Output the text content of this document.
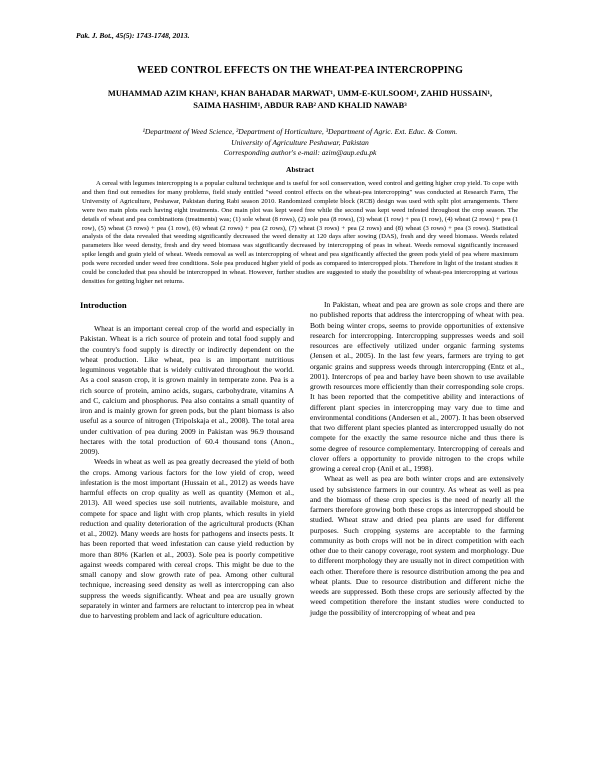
Pak. J. Bot., 45(5): 1743-1748, 2013.
WEED CONTROL EFFECTS ON THE WHEAT-PEA INTERCROPPING
MUHAMMAD AZIM KHAN¹, KHAN BAHADAR MARWAT¹, UMM-E-KULSOOM¹, ZAHID HUSSAIN¹,
SAIMA HASHIM¹, ABDUR RAB² AND KHALID NAWAB³
¹Department of Weed Science, ²Department of Horticulture, ³Department of Agric. Ext. Educ. & Comm.
University of Agriculture Peshawar, Pakistan
Corresponding author's e-mail: azim@aup.edu.pk
Abstract

A cereal with legumes intercropping is a popular cultural technique and is useful for soil conservation, weed control and getting higher crop yield. To cope with and then find out remedies for many problems, field study entitled "weed control effects on the wheat-pea intercropping" was conducted at Research Farm, The University of Agriculture, Peshawar, Pakistan during Rabi season 2010. Randomized complete block (RCB) design was used with split plot arrangements. There were two main plots each having eight treatments. One main plot was kept weed free while the second was kept weed infested throughout the crop season. The details of wheat and pea combinations (treatments) was; (1) sole wheat (8 rows), (2) sole pea (8 rows), (3) wheat (1 row) + pea (1 row), (4) wheat (2 rows) + pea (1 row), (5) wheat (3 rows) + pea (1 row), (6) wheat (2 rows) + pea (2 rows), (7) wheat (3 rows) + pea (2 rows) and (8) wheat (3 rows) + pea (3 rows). Statistical analysis of the data revealed that weeding significantly decreased the weed density at 120 days after sowing (DAS), fresh and dry weed biomass. Weeds related parameters like weed density, fresh and dry weed biomass was significantly decreased by intercropping of peas in wheat. Weeds removal significantly increased spike length and grain yield of wheat. Weeds removal as well as intercropping of wheat and pea significantly affected the green pods yield of pea where maximum pods were recorded under weed free conditions. Sole pea produced higher yield of pods as compared to intercropped plots. Therefore in light of the instant studies it could be concluded that pea should be intercropped in wheat. However, further studies are suggested to study the possibility of wheat-pea intercropping at various densities for getting higher net returns.

Introduction

Wheat is an important cereal crop of the world and especially in Pakistan. Wheat is a rich source of protein and total food supply and the country's food supply is directly or indirectly dependent on the wheat production. Like wheat, pea is an important nutritious leguminous vegetable that is widely cultivated throughout the world. As a cool season crop, it is grown mainly in temperate zone. Pea is a rich source of protein, amino acids, sugars, carbohydrate, vitamins A and C, calcium and phosphorus. Pea also contains a small quantity of iron and is mainly grown for green pods, but the plant biomass is also useful as a source of nitrogen (Tripolskaja et al., 2008). The total area under cultivation of pea during 2009 in Pakistan was 96.9 thousand hectares with the total production of 60.4 thousand tons (Anon., 2009).

Weeds in wheat as well as pea greatly decreased the yield of both the crops. Among various factors for the low yield of crop, weed infestation is the most important (Hussain et al., 2012) as weeds have harmful effects on crop quality as well as quantity (Memon et al., 2013). All weed species use soil nutrients, available moisture, and compete for space and light with crop plants, which results in yield reduction and quality deterioration of the agricultural products (Khan et al., 2002). Many weeds are hosts for pathogens and insects pests. It has been reported that weed infestation can cause yield reduction by more than 80% (Karlen et al., 2003). Sole pea is poorly competitive against weeds compared with cereal crops. This might be due to the small canopy and slow growth rate of pea. Among other cultural technique, increasing seed density as well as intercropping can also suppress the weeds significantly. Wheat and pea are usually grown separately in winter and farmers are reluctant to intercrop pea in wheat due to harvesting problem and lack of agriculture education.

In Pakistan, wheat and pea are grown as sole crops and there are no published reports that address the intercropping of wheat with pea. Both being winter crops, seems to provide opportunities of extensive research for intercropping. Intercropping suppresses weeds and soil resources are effectively utilized under organic farming systems (Jensen et al., 2005). In the last few years, farmers are trying to get organic grains and suppress weeds through intercropping (Entz et al., 2001). Intercrops of pea and barley have been shown to use available growth resources more efficiently than their corresponding sole crops. It has been reported that the competitive ability and interactions of different plant species in intercropping may vary due to time and environmental conditions (Andersen et al., 2007). It has been observed that two different plant species planted as intercropped usually do not compete for the exactly the same resource niche and thus there is some degree of resource complementary. Intercropping of cereals and clover offers a opportunity to provide nitrogen to the crops while growing a cereal crop (Anil et al., 1998).

Wheat as well as pea are both winter crops and are extensively used by subsistence farmers in our country. As wheat as well as pea and the biomass of these crop species is the need of nearly all the farmers therefore growing both these crops as intercropped should be studied. Wheat straw and dried pea plants are used for different purposes. Such cropping systems are acceptable to the farming community as both crops will not be in direct competition with each other due to their canopy coverage, root system and morphology. Due to different morphology they are usually not in direct competition with each other. Therefore there is resource distribution among the pea and wheat plants. Due to resource distribution and different niche the weeds are suppressed. Both these crops are seriously affected by the weed competition therefore the instant studies were conducted to judge the possibility of intercropping of wheat and pea
